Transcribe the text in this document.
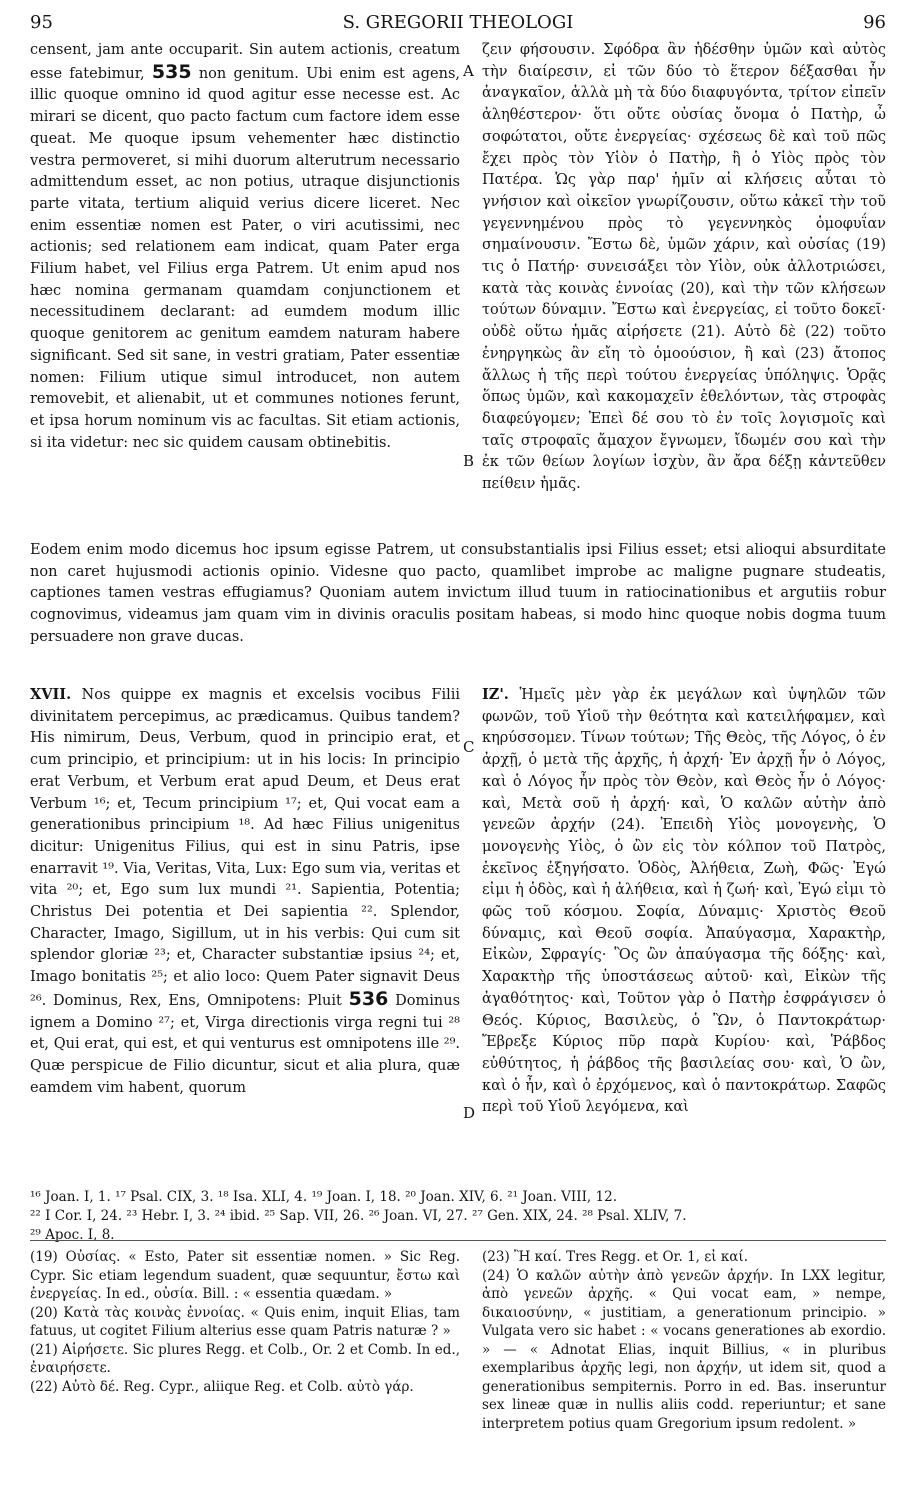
95	S. GREGORII THEOLOGI	96
A
B
C
D
censent, jam ante occuparit. Sin autem actionis, creatum esse fatebimur, 535 non genitum. Ubi enim est agens, illic quoque omnino id quod agitur esse necesse est. Ac mirari se dicent, quo pacto factum cum factore idem esse queat. Me quoque ipsum vehementer hæc distinctio vestra permoveret, si mihi duorum alterutrum necessario admittendum esset, ac non potius, utraque disjunctionis parte vitata, tertium aliquid verius dicere liceret. Nec enim essentiæ nomen est Pater, o viri acutissimi, nec actionis; sed relationem eam indicat, quam Pater erga Filium habet, vel Filius erga Patrem. Ut enim apud nos hæc nomina germanam quamdam conjunctionem et necessitudinem declarant: ad eumdem modum illic quoque genitorem ac genitum eamdem naturam habere significant. Sed sit sane, in vestri gratiam, Pater essentiæ nomen: Filium utique simul introducet, non autem removebit, et alienabit, ut et communes notiones ferunt, et ipsa horum nominum vis ac facultas. Sit etiam actionis, si ita videtur: nec sic quidem causam obtinebitis.
ζειν φήσουσιν. Σφόδρα ἂν ἡδέσθην ὑμῶν καὶ αὐτὸς τὴν διαίρεσιν, εἰ τῶν δύο τὸ ἕτερον δέξασθαι ἦν ἀναγκαῖον, ἀλλὰ μὴ τὰ δύο διαφυγόντα, τρίτον εἰπεῖν ἀληθέστερον· ὅτι οὔτε οὐσίας ὄνομα ὁ Πατὴρ, ὦ σοφώτατοι, οὔτε ἐνεργείας· σχέσεως δὲ καὶ τοῦ πῶς ἔχει πρὸς τὸν Υἱὸν ὁ Πατὴρ, ἢ ὁ Υἱὸς πρὸς τὸν Πατέρα. Ὡς γὰρ παρ' ἡμῖν αἱ κλήσεις αὗται τὸ γνήσιον καὶ οἰκεῖον γνωρίζουσιν, οὕτω κἀκεῖ τὴν τοῦ γεγεννημένου πρὸς τὸ γεγεννηκὸς ὁμοφυΐαν σημαίνουσιν. Ἔστω δὲ, ὑμῶν χάριν, καὶ οὐσίας (19) τις ὁ Πατήρ· συνεισάξει τὸν Υἱὸν, οὐκ ἀλλοτριώσει, κατὰ τὰς κοινὰς ἐννοίας (20), καὶ τὴν τῶν κλήσεων τούτων δύναμιν. Ἔστω καὶ ἐνεργείας, εἰ τοῦτο δοκεῖ· οὐδὲ οὕτω ἡμᾶς αἱρήσετε (21). Αὐτὸ δὲ (22) τοῦτο ἐνηργηκὼς ἂν εἴη τὸ ὁμοούσιον, ἢ καὶ (23) ἄτοπος ἄλλως ἡ τῆς περὶ τούτου ἐνεργείας ὑπόληψις. Ὁρᾷς ὅπως ὑμῶν, καὶ κακομαχεῖν ἐθελόντων, τὰς στροφὰς διαφεύγομεν; Ἐπεὶ δέ σου τὸ ἐν τοῖς λογισμοῖς καὶ ταῖς στροφαῖς ἄμαχον ἔγνωμεν, ἴδωμέν σου καὶ τὴν ἐκ τῶν θείων λογίων ἰσχὺν, ἂν ἄρα δέξῃ κἀντεῦθεν πείθειν ἡμᾶς.
Eodem enim modo dicemus hoc ipsum egisse Patrem, ut consubstantialis ipsi Filius esset; etsi alioqui absurditate non caret hujusmodi actionis opinio. Videsne quo pacto, quamlibet improbe ac maligne pugnare studeatis, captiones tamen vestras effugiamus? Quoniam autem invictum illud tuum in ratiocinationibus et argutiis robur cognovimus, videamus jam quam vim in divinis oraculis positam habeas, si modo hinc quoque nobis dogma tuum persuadere non grave ducas.
XVII. Nos quippe ex magnis et excelsis vocibus Filii divinitatem percepimus, ac prædicamus. Quibus tandem? His nimirum, Deus, Verbum, quod in principio erat, et cum principio, et principium: ut in his locis: In principio erat Verbum, et Verbum erat apud Deum, et Deus erat Verbum ¹⁶; et, Tecum principium ¹⁷; et, Qui vocat eam a generationibus principium ¹⁸. Ad hæc Filius unigenitus dicitur: Unigenitus Filius, qui est in sinu Patris, ipse enarravit ¹⁹. Via, Veritas, Vita, Lux: Ego sum via, veritas et vita ²⁰; et, Ego sum lux mundi ²¹. Sapientia, Potentia; Christus Dei potentia et Dei sapientia ²². Splendor, Character, Imago, Sigillum, ut in his verbis: Qui cum sit splendor gloriæ ²³; et, Character substantiæ ipsius ²⁴; et, Imago bonitatis ²⁵; et alio loco: Quem Pater signavit Deus ²⁶. Dominus, Rex, Ens, Omnipotens: Pluit 536 Dominus ignem a Domino ²⁷; et, Virga directionis virga regni tui ²⁸ et, Qui erat, qui est, et qui venturus est omnipotens ille ²⁹. Quæ perspicue de Filio dicuntur, sicut et alia plura, quæ eamdem vim habent, quorum
ΙΖ'. Ἡμεῖς μὲν γὰρ ἐκ μεγάλων καὶ ὑψηλῶν τῶν φωνῶν, τοῦ Υἱοῦ τὴν θεότητα καὶ κατειλήφαμεν, καὶ κηρύσσομεν. Τίνων τούτων; Τῆς Θεὸς, τῆς Λόγος, ὁ ἐν ἀρχῇ, ὁ μετὰ τῆς ἀρχῆς, ἡ ἀρχή· Ἐν ἀρχῇ ἦν ὁ Λόγος, καὶ ὁ Λόγος ἦν πρὸς τὸν Θεὸν, καὶ Θεὸς ἦν ὁ Λόγος· καὶ, Μετὰ σοῦ ἡ ἀρχή· καὶ, Ὁ καλῶν αὐτὴν ἀπὸ γενεῶν ἀρχήν (24). Ἐπειδὴ Υἱὸς μονογενὴς, Ὁ μονογενὴς Υἱὸς, ὁ ὢν εἰς τὸν κόλπον τοῦ Πατρὸς, ἐκεῖνος ἐξηγήσατο. Ὁδὸς, Ἀλήθεια, Ζωὴ, Φῶς· Ἐγώ εἰμι ἡ ὁδὸς, καὶ ἡ ἀλήθεια, καὶ ἡ ζωή· καὶ, Ἐγώ εἰμι τὸ φῶς τοῦ κόσμου. Σοφία, Δύναμις· Χριστὸς Θεοῦ δύναμις, καὶ Θεοῦ σοφία. Ἀπαύγασμα, Χαρακτὴρ, Εἰκὼν, Σφραγίς· Ὃς ὢν ἀπαύγασμα τῆς δόξης· καὶ, Χαρακτὴρ τῆς ὑποστάσεως αὐτοῦ· καὶ, Εἰκὼν τῆς ἀγαθότητος· καὶ, Τοῦτον γὰρ ὁ Πατὴρ ἐσφράγισεν ὁ Θεός. Κύριος, Βασιλεὺς, ὁ Ὢν, ὁ Παντοκράτωρ· Ἔβρεξε Κύριος πῦρ παρὰ Κυρίου· καὶ, Ῥάβδος εὐθύτητος, ἡ ῥάβδος τῆς βασιλείας σου· καὶ, Ὁ ὢν, καὶ ὁ ἦν, καὶ ὁ ἐρχόμενος, καὶ ὁ παντοκράτωρ. Σαφῶς περὶ τοῦ Υἱοῦ λεγόμενα, καὶ
¹⁶ Joan. I, 1. ¹⁷ Psal. CIX, 3. ¹⁸ Isa. XLI, 4. ¹⁹ Joan. I, 18. ²⁰ Joan. XIV, 6. ²¹ Joan. VIII, 12.
²² I Cor. I, 24. ²³ Hebr. I, 3. ²⁴ ibid. ²⁵ Sap. VII, 26. ²⁶ Joan. VI, 27. ²⁷ Gen. XIX, 24. ²⁸ Psal. XLIV, 7.
²⁹ Apoc. I, 8.
(19) Οὐσίας. « Esto, Pater sit essentiæ nomen. » Sic Reg. Cypr. Sic etiam legendum suadent, quæ sequuntur, ἔστω καὶ ἐνεργείας. In ed., οὐσία. Bill. : « essentia quædam. »
(20) Κατὰ τὰς κοινὰς ἐννοίας. « Quis enim, inquit Elias, tam fatuus, ut cogitet Filium alterius esse quam Patris naturæ ? »
(21) Αἱρήσετε. Sic plures Regg. et Colb., Or. 2 et Comb. In ed., ἐναιρήσετε.
(22) Αὐτὸ δέ. Reg. Cypr., aliique Reg. et Colb. αὐτὸ γάρ.
(23) Ἢ καί. Tres Regg. et Or. 1, εἰ καί.
(24) Ὁ καλῶν αὐτὴν ἀπὸ γενεῶν ἀρχήν. In LXX legitur, ἀπὸ γενεῶν ἀρχῆς. « Qui vocat eam, » nempe, δικαιοσύνην, « justitiam, a generationum principio. » Vulgata vero sic habet : « vocans generationes ab exordio. » — « Adnotat Elias, inquit Billius, « in pluribus exemplaribus ἀρχῆς legi, non ἀρχήν, ut idem sit, quod a generationibus sempiternis. Porro in ed. Bas. inseruntur sex lineæ quæ in nullis aliis codd. reperiuntur; et sane interpretem potius quam Gregorium ipsum redolent. »
